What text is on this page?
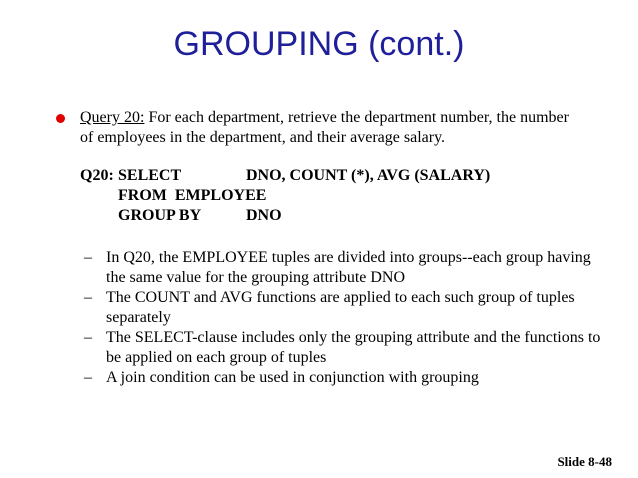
GROUPING (cont.)
Query 20: For each department, retrieve the department number, the number of employees in the department, and their average salary.
Q20: SELECT	DNO, COUNT (*), AVG (SALARY)
FROM  EMPLOYEE
GROUP BY	DNO
– In Q20, the EMPLOYEE tuples are divided into groups--each group having the same value for the grouping attribute DNO
– The COUNT and AVG functions are applied to each such group of tuples separately
– The SELECT-clause includes only the grouping attribute and the functions to be applied on each group of tuples
– A join condition can be used in conjunction with grouping
Slide 8-48
